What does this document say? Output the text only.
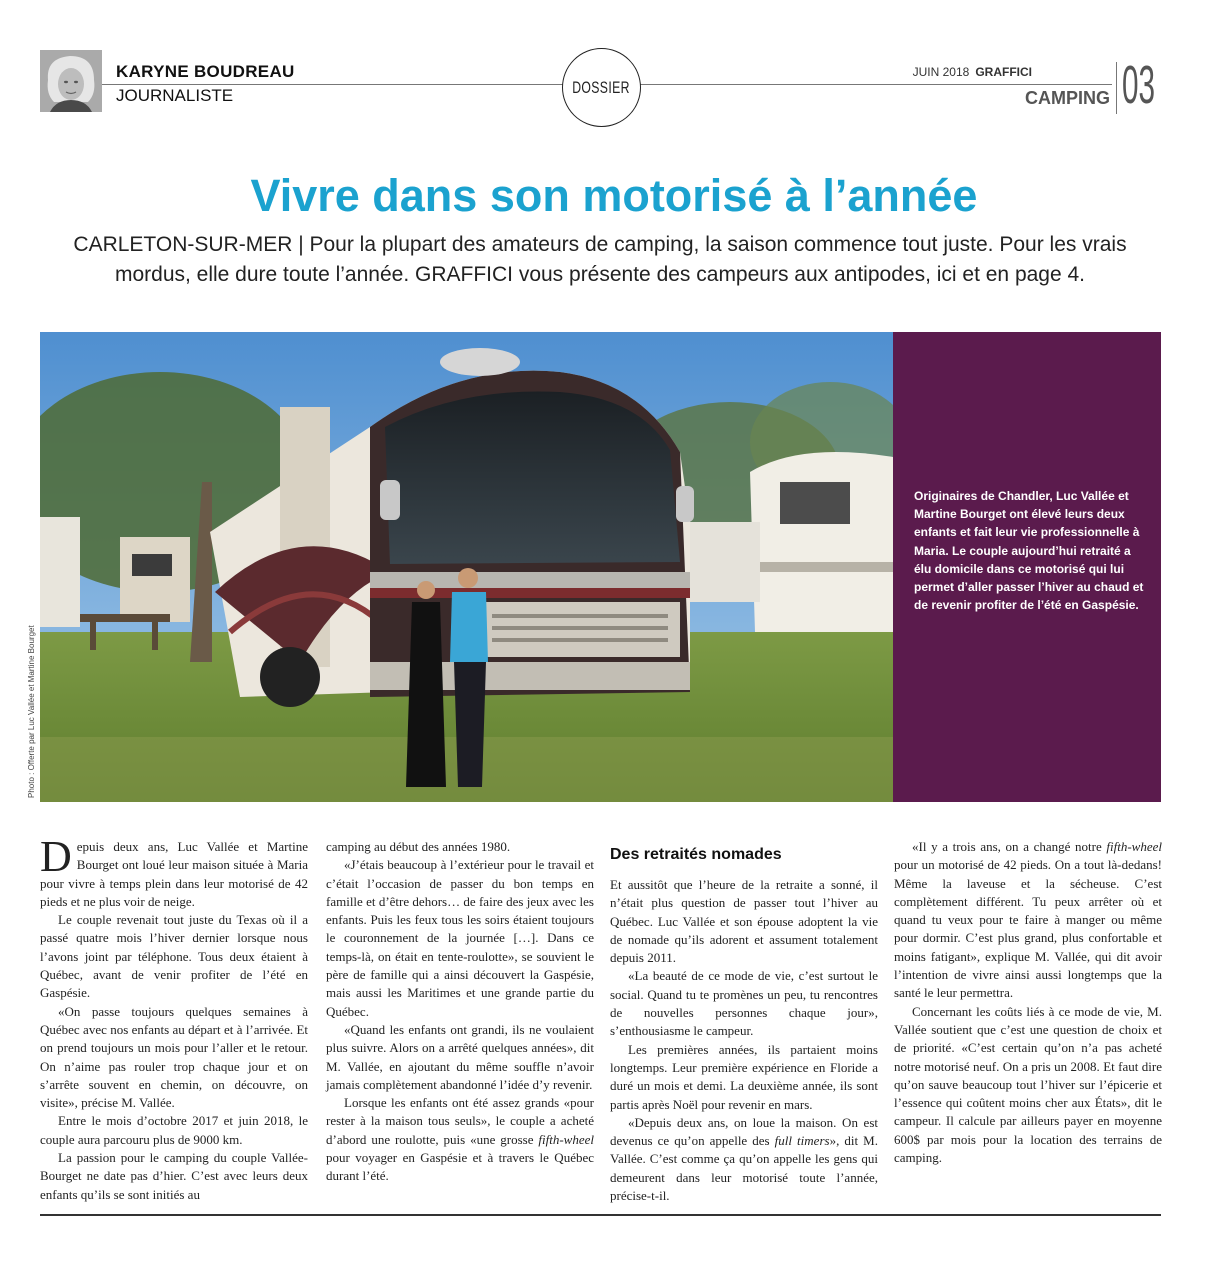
KARYNE BOUDREAU
JOURNALISTE	DOSSIER
JUIN 2018 GRAFFICI
CAMPING 03
Vivre dans son motorisé à l’année

CARLETON-SUR-MER | Pour la plupart des amateurs de camping, la saison commence tout juste. Pour les vrais mordus, elle dure toute l’année. GRAFFICI vous présente des campeurs aux antipodes, ici et en page 4.

Originaires de Chandler, Luc Vallée et Martine Bourget ont élevé leurs deux enfants et fait leur vie professionnelle à Maria. Le couple aujourd’hui retraité a élu domicile dans ce motorisé qui lui permet d’aller passer l’hiver au chaud et de revenir profiter de l’été en Gaspésie.

Photo : Offerte par Luc Vallée et Martine Bourget

Depuis deux ans, Luc Vallée et Martine Bourget ont loué leur maison située à Maria pour vivre à temps plein dans leur motorisé de 42 pieds et ne plus voir de neige.

Le couple revenait tout juste du Texas où il a passé quatre mois l’hiver dernier lorsque nous l’avons joint par téléphone. Tous deux étaient à Québec, avant de venir profiter de l’été en Gaspésie.

«On passe toujours quelques semaines à Québec avec nos enfants au départ et à l’arrivée. Et on prend toujours un mois pour l’aller et le retour. On n’aime pas rouler trop chaque jour et on s’arrête souvent en chemin, on découvre, on visite», précise M. Vallée.

Entre le mois d’octobre 2017 et juin 2018, le couple aura parcouru plus de 9000 km.

La passion pour le camping du couple Vallée-Bourget ne date pas d’hier. C’est avec leurs deux enfants qu’ils se sont initiés au

camping au début des années 1980.

«J’étais beaucoup à l’extérieur pour le travail et c’était l’occasion de passer du bon temps en famille et d’être dehors… de faire des jeux avec les enfants. Puis les feux tous les soirs étaient toujours le couronnement de la journée […]. Dans ce temps-là, on était en tente-roulotte», se souvient le père de famille qui a ainsi découvert la Gaspésie, mais aussi les Maritimes et une grande partie du Québec.

«Quand les enfants ont grandi, ils ne voulaient plus suivre. Alors on a arrêté quelques années», dit M. Vallée, en ajoutant du même souffle n’avoir jamais complètement abandonné l’idée d’y revenir.

Lorsque les enfants ont été assez grands «pour rester à la maison tous seuls», le couple a acheté d’abord une roulotte, puis «une grosse fifth-wheel pour voyager en Gaspésie et à travers le Québec durant l’été.

Des retraités nomades

Et aussitôt que l’heure de la retraite a sonné, il n’était plus question de passer tout l’hiver au Québec. Luc Vallée et son épouse adoptent la vie de nomade qu’ils adorent et assument totalement depuis 2011.

«La beauté de ce mode de vie, c’est surtout le social. Quand tu te promènes un peu, tu rencontres de nouvelles personnes chaque jour», s’enthousiasme le campeur.

Les premières années, ils partaient moins longtemps. Leur première expérience en Floride a duré un mois et demi. La deuxième année, ils sont partis après Noël pour revenir en mars.

«Depuis deux ans, on loue la maison. On est devenus ce qu’on appelle des full timers», dit M. Vallée. C’est comme ça qu’on appelle les gens qui demeurent dans leur motorisé toute l’année, précise-t-il.

«Il y a trois ans, on a changé notre fifth-wheel pour un motorisé de 42 pieds. On a tout là-dedans! Même la laveuse et la sécheuse. C’est complètement différent. Tu peux arrêter où et quand tu veux pour te faire à manger ou même pour dormir. C’est plus grand, plus confortable et moins fatigant», explique M. Vallée, qui dit avoir l’intention de vivre ainsi aussi longtemps que la santé le leur permettra.

Concernant les coûts liés à ce mode de vie, M. Vallée soutient que c’est une question de choix et de priorité. «C’est certain qu’on n’a pas acheté notre motorisé neuf. On a pris un 2008. Et faut dire qu’on sauve beaucoup tout l’hiver sur l’épicerie et l’essence qui coûtent moins cher aux États», dit le campeur. Il calcule par ailleurs payer en moyenne 600$ par mois pour la location des terrains de camping.
